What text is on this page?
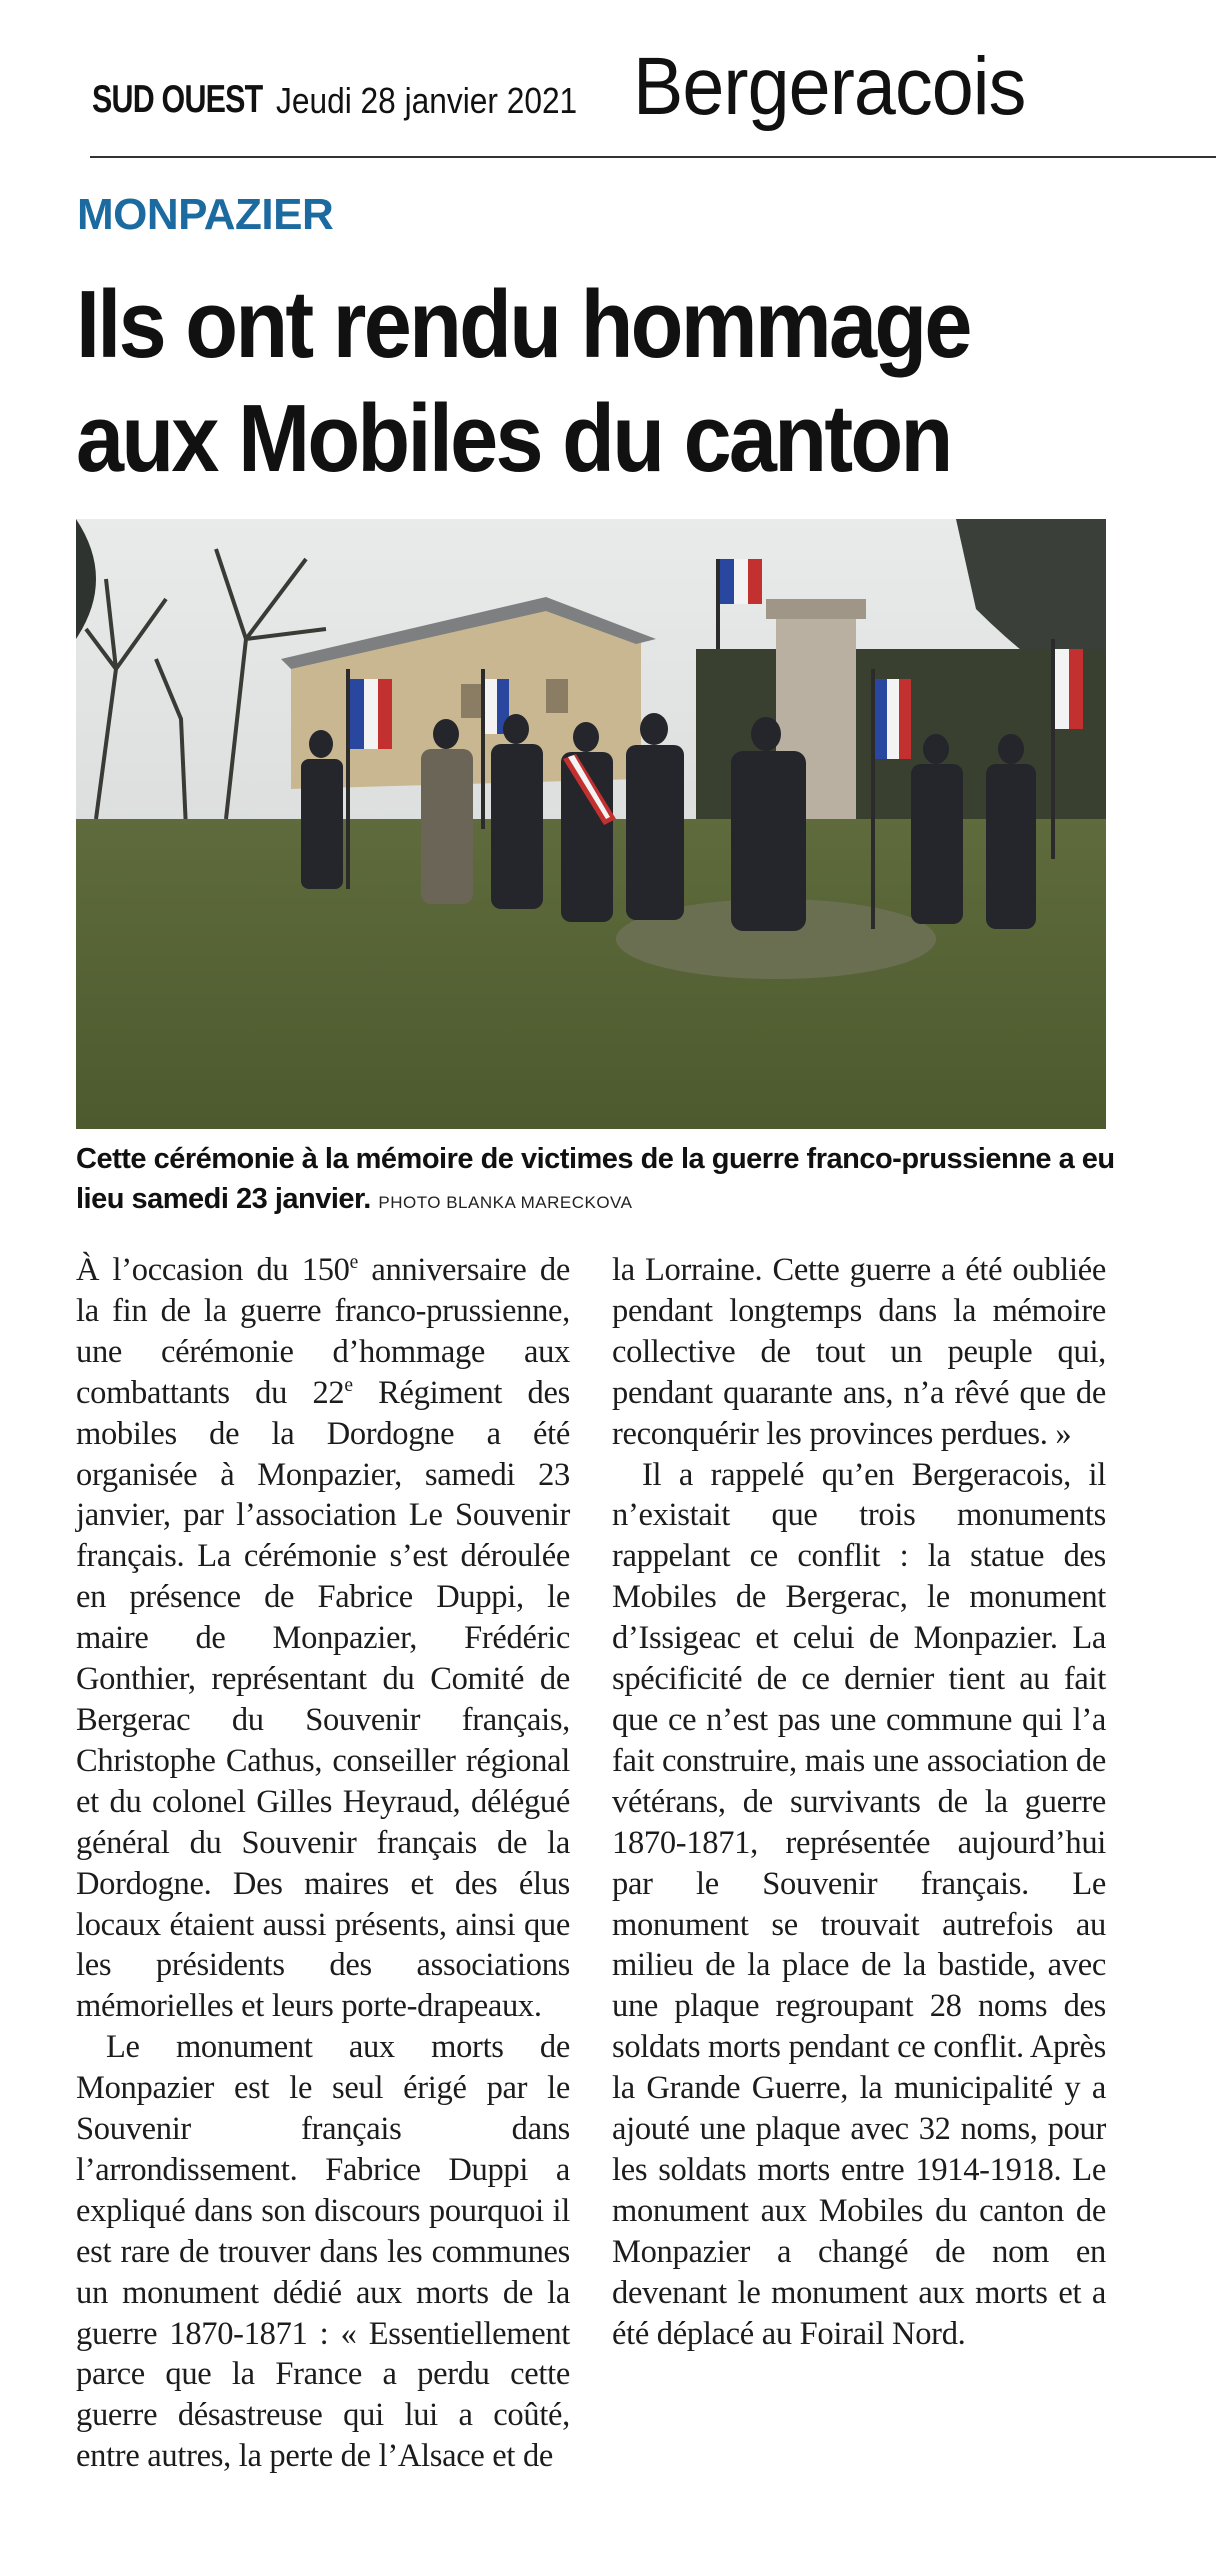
SUD OUEST Jeudi 28 janvier 2021 Bergeracois
MONPAZIER
Ils ont rendu hommage
aux Mobiles du canton
Cette cérémonie à la mémoire de victimes de la guerre franco-prussienne a eu lieu samedi 23 janvier. PHOTO BLANKA MARECKOVA

À l’occasion du 150e anniversaire de la fin de la guerre franco-prussienne, une cérémonie d’hommage aux combattants du 22e Régiment des mobiles de la Dordogne a été organisée à Monpazier, samedi 23 janvier, par l’association Le Souvenir français. La cérémonie s’est déroulée en présence de Fabrice Duppi, le maire de Monpazier, Frédéric Gonthier, représentant du Comité de Bergerac du Souvenir français, Christophe Cathus, conseiller régional et du colonel Gilles Heyraud, délégué général du Souvenir français de la Dordogne. Des maires et des élus locaux étaient aussi présents, ainsi que les présidents des associations mémorielles et leurs porte-drapeaux.

Le monument aux morts de Monpazier est le seul érigé par le Souvenir français dans l’arrondissement. Fabrice Duppi a expliqué dans son discours pourquoi il est rare de trouver dans les communes un monument dédié aux morts de la guerre 1870-1871 : « Essentiellement parce que la France a perdu cette guerre désastreuse qui lui a coûté, entre autres, la perte de l’Alsace et de

la Lorraine. Cette guerre a été oubliée pendant longtemps dans la mémoire collective de tout un peuple qui, pendant quarante ans, n’a rêvé que de reconquérir les provinces perdues. »

Il a rappelé qu’en Bergeracois, il n’existait que trois monuments rappelant ce conflit : la statue des Mobiles de Bergerac, le monument d’Issigeac et celui de Monpazier. La spécificité de ce dernier tient au fait que ce n’est pas une commune qui l’a fait construire, mais une association de vétérans, de survivants de la guerre 1870-1871, représentée aujourd’hui par le Souvenir français. Le monument se trouvait autrefois au milieu de la place de la bastide, avec une plaque regroupant 28 noms des soldats morts pendant ce conflit. Après la Grande Guerre, la municipalité y a ajouté une plaque avec 32 noms, pour les soldats morts entre 1914-1918. Le monument aux Mobiles du canton de Monpazier a changé de nom en devenant le monument aux morts et a été déplacé au Foirail Nord.
